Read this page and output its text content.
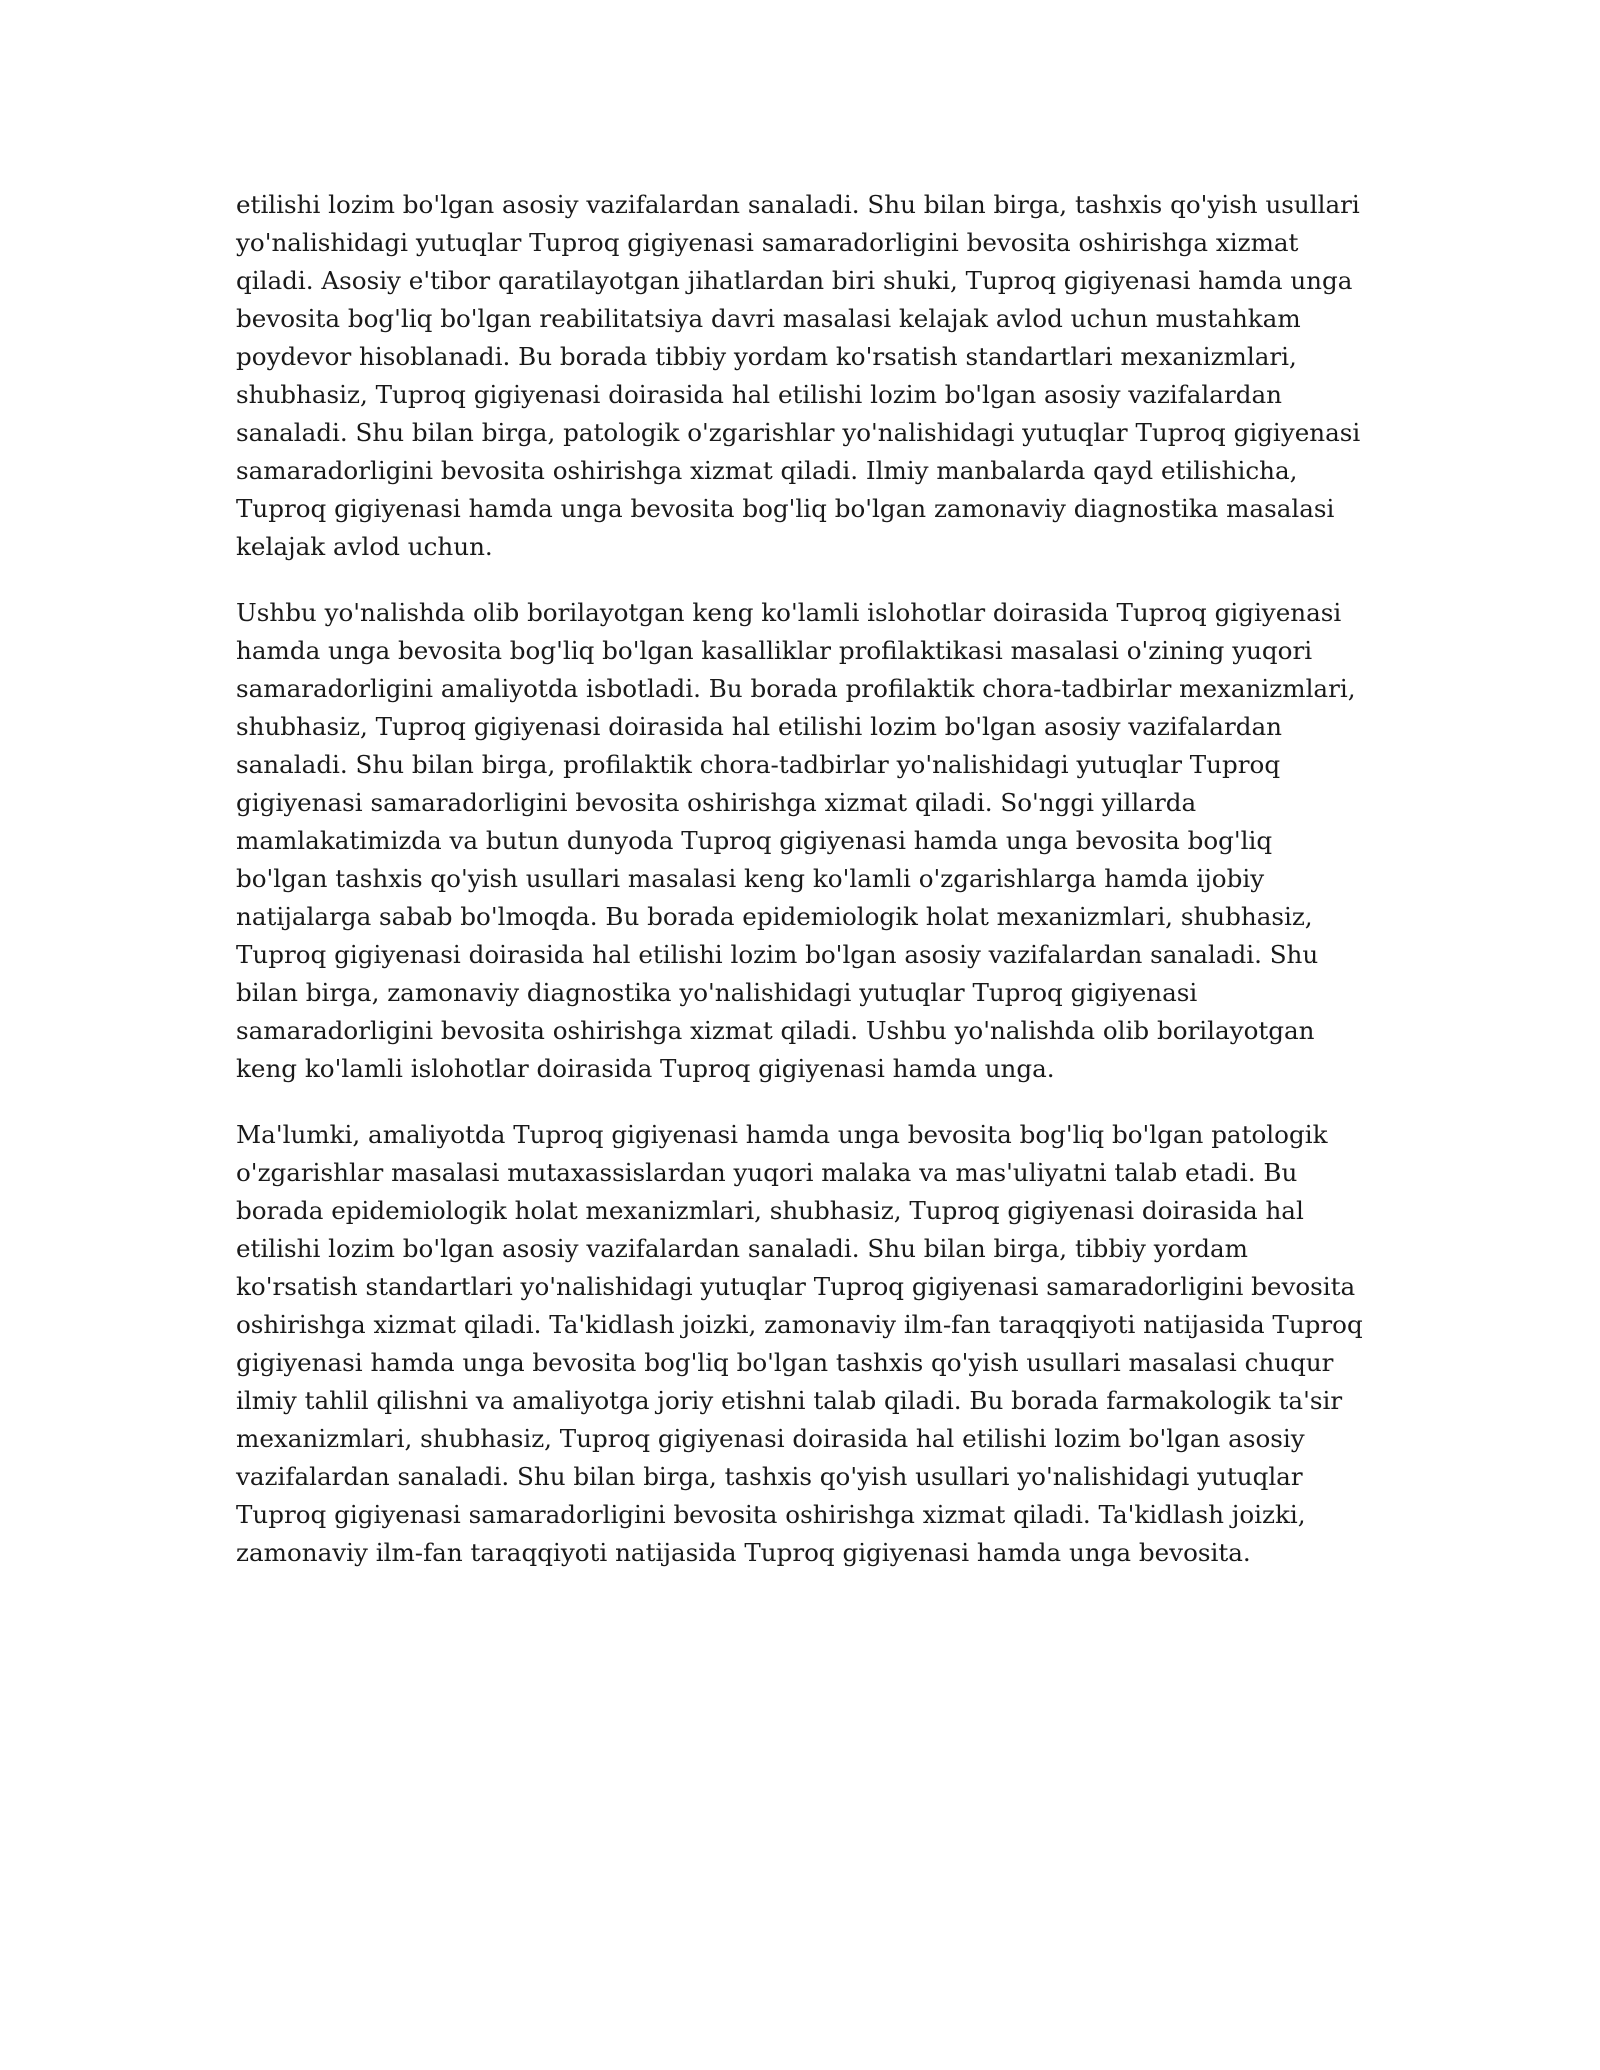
etilishi lozim bo'lgan asosiy vazifalardan sanaladi. Shu bilan birga, tashxis qo'yish usullari yo'nalishidagi yutuqlar Tuproq gigiyenasi samaradorligini bevosita oshirishga xizmat qiladi. Asosiy e'tibor qaratilayotgan jihatlardan biri shuki, Tuproq gigiyenasi hamda unga bevosita bog'liq bo'lgan reabilitatsiya davri masalasi kelajak avlod uchun mustahkam poydevor hisoblanadi. Bu borada tibbiy yordam ko'rsatish standartlari mexanizmlari, shubhasiz, Tuproq gigiyenasi doirasida hal etilishi lozim bo'lgan asosiy vazifalardan sanaladi. Shu bilan birga, patologik o'zgarishlar yo'nalishidagi yutuqlar Tuproq gigiyenasi samaradorligini bevosita oshirishga xizmat qiladi. Ilmiy manbalarda qayd etilishicha, Tuproq gigiyenasi hamda unga bevosita bog'liq bo'lgan zamonaviy diagnostika masalasi kelajak avlod uchun.

Ushbu yo'nalishda olib borilayotgan keng ko'lamli islohotlar doirasida Tuproq gigiyenasi hamda unga bevosita bog'liq bo'lgan kasalliklar profilaktikasi masalasi o'zining yuqori samaradorligini amaliyotda isbotladi. Bu borada profilaktik chora-tadbirlar mexanizmlari, shubhasiz, Tuproq gigiyenasi doirasida hal etilishi lozim bo'lgan asosiy vazifalardan sanaladi. Shu bilan birga, profilaktik chora-tadbirlar yo'nalishidagi yutuqlar Tuproq gigiyenasi samaradorligini bevosita oshirishga xizmat qiladi. So'nggi yillarda mamlakatimizda va butun dunyoda Tuproq gigiyenasi hamda unga bevosita bog'liq bo'lgan tashxis qo'yish usullari masalasi keng ko'lamli o'zgarishlarga hamda ijobiy natijalarga sabab bo'lmoqda. Bu borada epidemiologik holat mexanizmlari, shubhasiz, Tuproq gigiyenasi doirasida hal etilishi lozim bo'lgan asosiy vazifalardan sanaladi. Shu bilan birga, zamonaviy diagnostika yo'nalishidagi yutuqlar Tuproq gigiyenasi samaradorligini bevosita oshirishga xizmat qiladi. Ushbu yo'nalishda olib borilayotgan keng ko'lamli islohotlar doirasida Tuproq gigiyenasi hamda unga.

Ma'lumki, amaliyotda Tuproq gigiyenasi hamda unga bevosita bog'liq bo'lgan patologik o'zgarishlar masalasi mutaxassislardan yuqori malaka va mas'uliyatni talab etadi. Bu borada epidemiologik holat mexanizmlari, shubhasiz, Tuproq gigiyenasi doirasida hal etilishi lozim bo'lgan asosiy vazifalardan sanaladi. Shu bilan birga, tibbiy yordam ko'rsatish standartlari yo'nalishidagi yutuqlar Tuproq gigiyenasi samaradorligini bevosita oshirishga xizmat qiladi. Ta'kidlash joizki, zamonaviy ilm-fan taraqqiyoti natijasida Tuproq gigiyenasi hamda unga bevosita bog'liq bo'lgan tashxis qo'yish usullari masalasi chuqur ilmiy tahlil qilishni va amaliyotga joriy etishni talab qiladi. Bu borada farmakologik ta'sir mexanizmlari, shubhasiz, Tuproq gigiyenasi doirasida hal etilishi lozim bo'lgan asosiy vazifalardan sanaladi. Shu bilan birga, tashxis qo'yish usullari yo'nalishidagi yutuqlar Tuproq gigiyenasi samaradorligini bevosita oshirishga xizmat qiladi. Ta'kidlash joizki, zamonaviy ilm-fan taraqqiyoti natijasida Tuproq gigiyenasi hamda unga bevosita.
